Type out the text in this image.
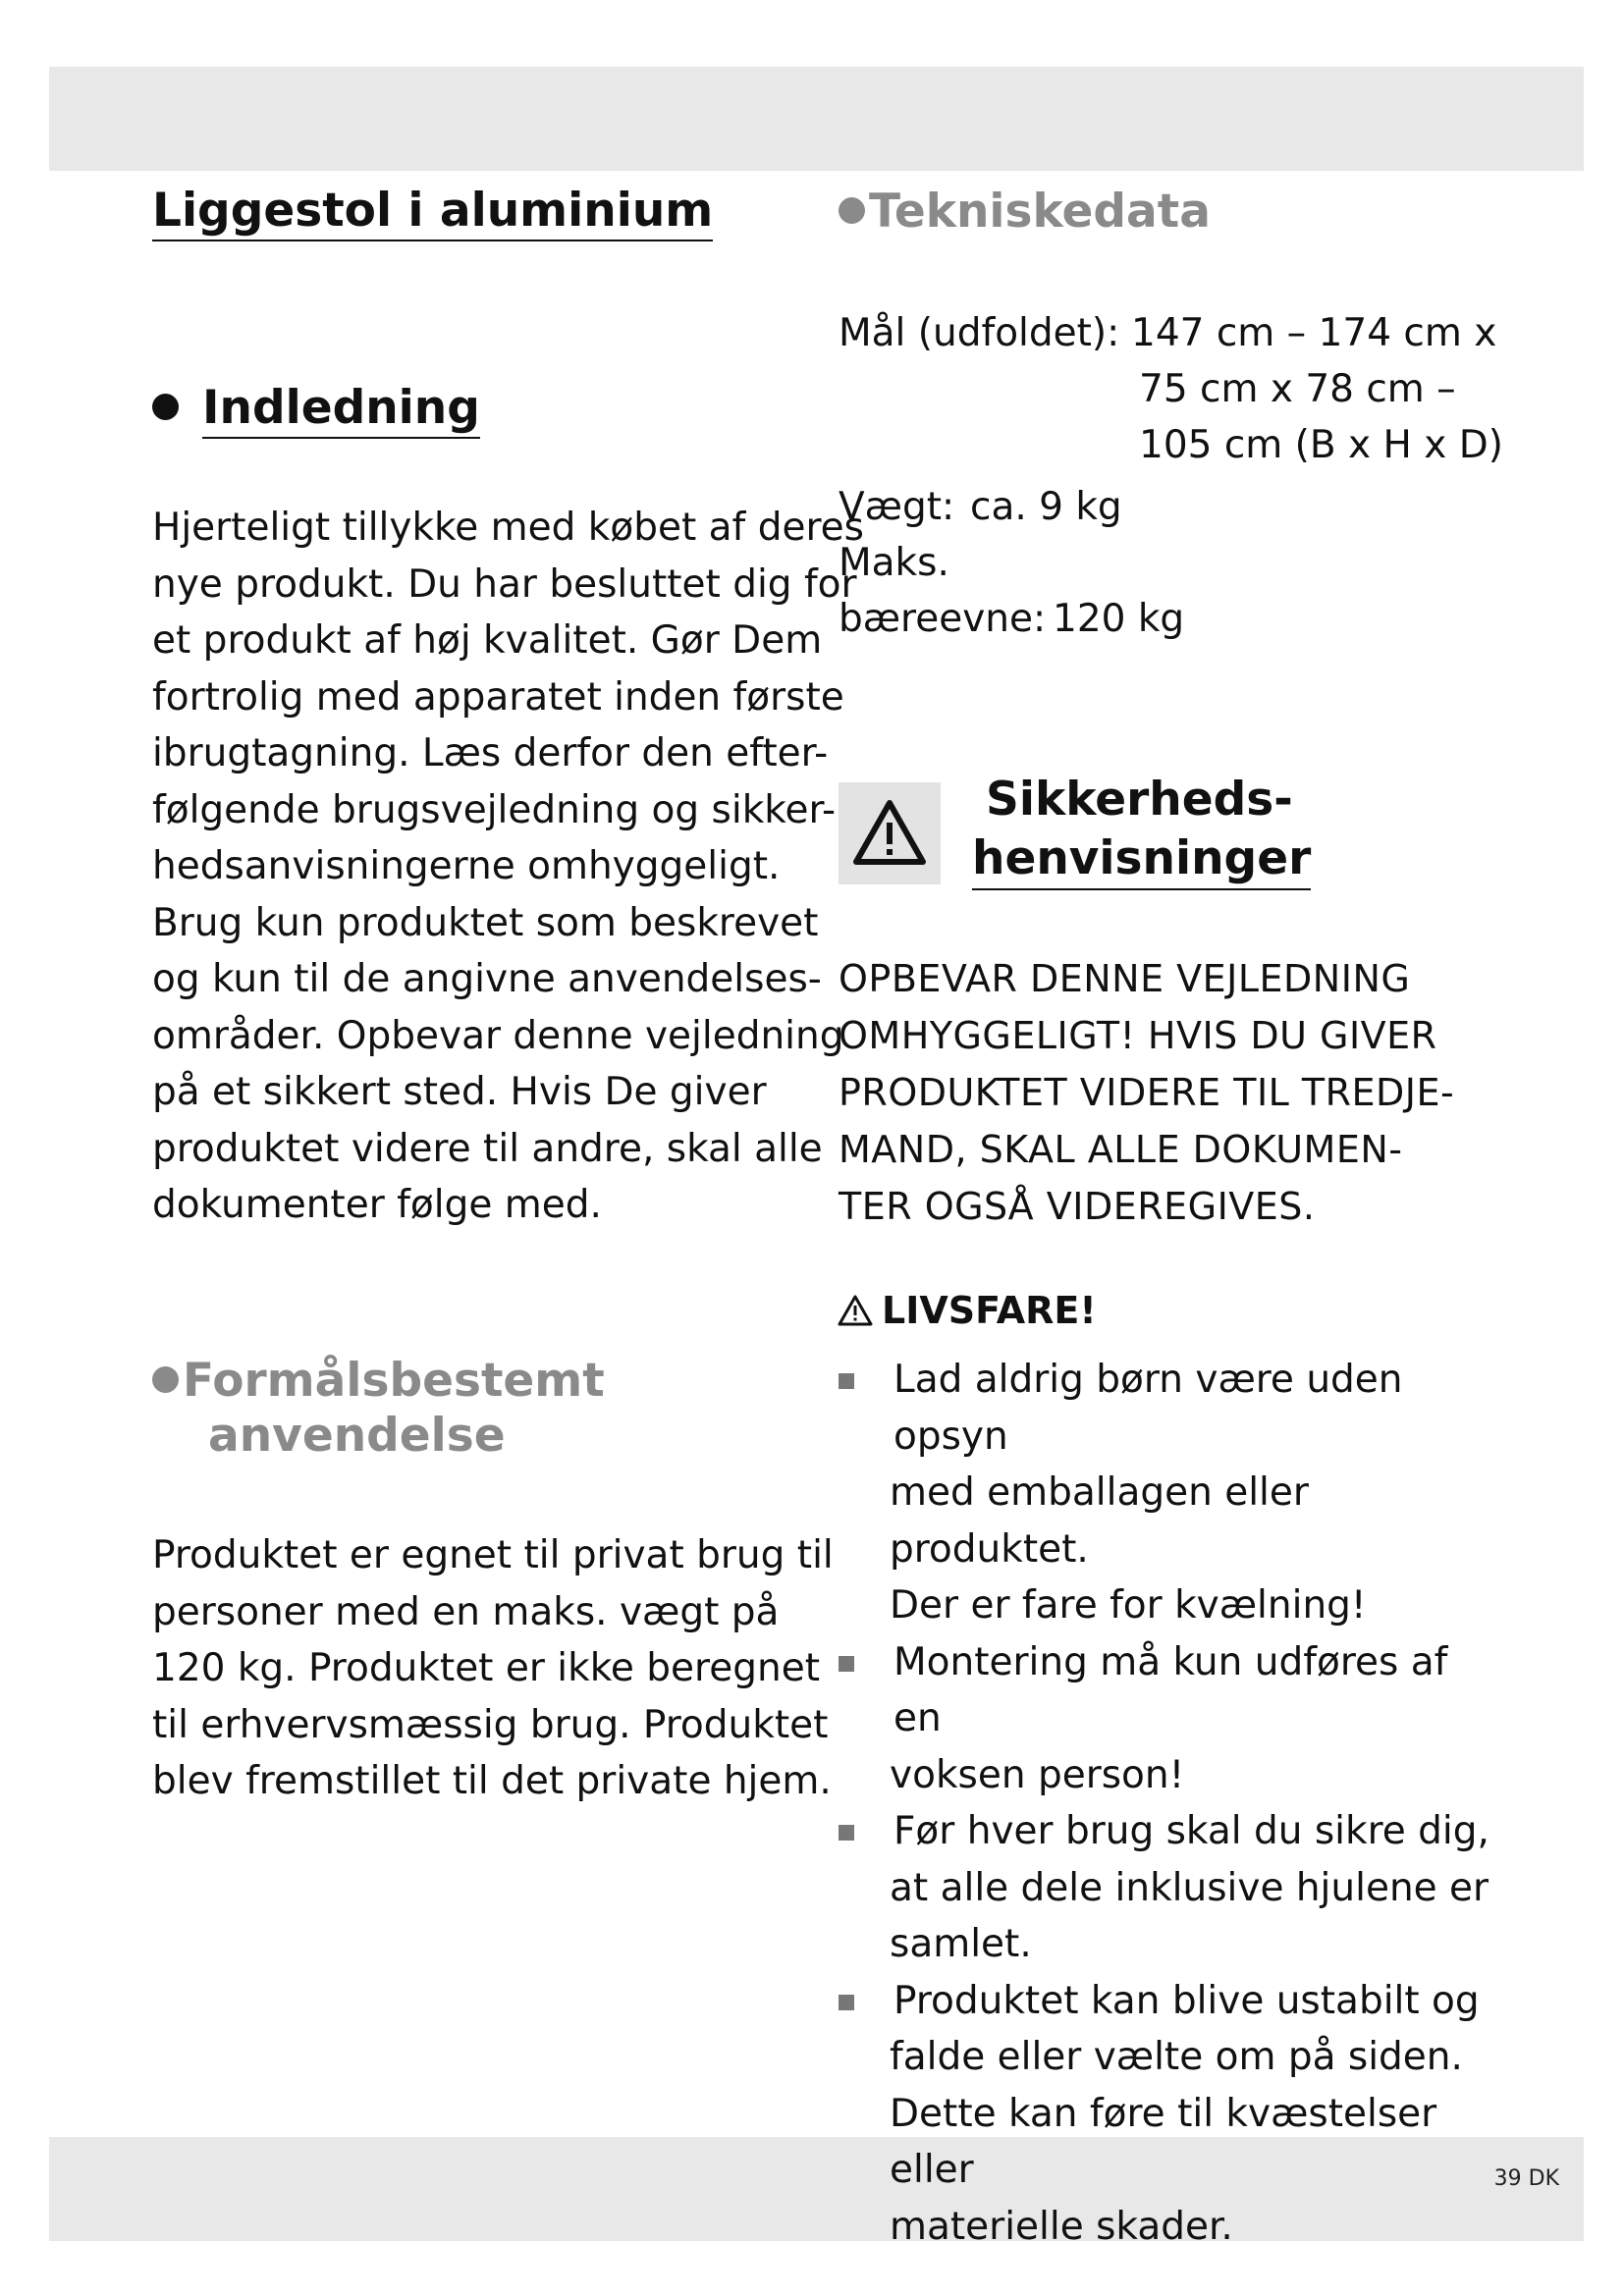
39 DK
Liggestol i aluminium
Indledning
Hjerteligt tillykke med købet af deres
nye produkt. Du har besluttet dig for
et produkt af høj kvalitet. Gør Dem
fortrolig med apparatet inden første
ibrugtagning. Læs derfor den efter-
følgende brugsvejledning og sikker-
hedsanvisningerne omhyggeligt.
Brug kun produktet som beskrevet
og kun til de angivne anvendelses-
områder. Opbevar denne vejledning
på et sikkert sted. Hvis De giver
produktet videre til andre, skal alle
dokumenter følge med.
Formålsbestemt
anvendelse
Produktet er egnet til privat brug til
personer med en maks. vægt på
120 kg. Produktet er ikke beregnet
til erhvervsmæssig brug. Produktet
blev fremstillet til det private hjem.
Tekniskedata
Mål (udfoldet): 147 cm – 174 cm x
75 cm x 78 cm –
105 cm (B x H x D)
Vægt: ca. 9 kg
Maks.
bæreevne: 120 kg
Sikkerheds-
henvisninger
OPBEVAR DENNE VEJLEDNING
OMHYGGELIGT! HVIS DU GIVER
PRODUKTET VIDERE TIL TREDJE-
MAND, SKAL ALLE DOKUMEN-
TER OGSÅ VIDEREGIVES.
LIVSFARE!
Lad aldrig børn være uden opsyn
med emballagen eller produktet.
Der er fare for kvælning!
Montering må kun udføres af en
voksen person!
Før hver brug skal du sikre dig,
at alle dele inklusive hjulene er
samlet.
Produktet kan blive ustabilt og
falde eller vælte om på siden.
Dette kan føre til kvæstelser eller
materielle skader.
